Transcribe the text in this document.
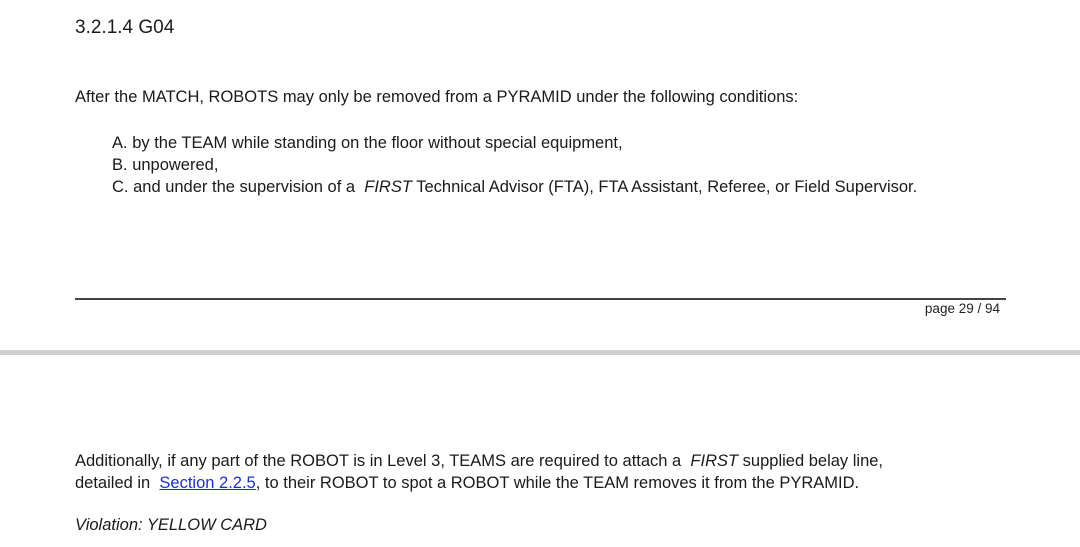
3.2.1.4 G04
After the MATCH, ROBOTS may only be removed from a PYRAMID under the following conditions:
A. by the TEAM while standing on the floor without special equipment,
B. unpowered,
C. and under the supervision of a FIRST Technical Advisor (FTA), FTA Assistant, Referee, or Field Supervisor.
page 29 / 94
Additionally, if any part of the ROBOT is in Level 3, TEAMS are required to attach a FIRST supplied belay line,
detailed in Section 2.2.5, to their ROBOT to spot a ROBOT while the TEAM removes it from the PYRAMID.
Violation: YELLOW CARD
